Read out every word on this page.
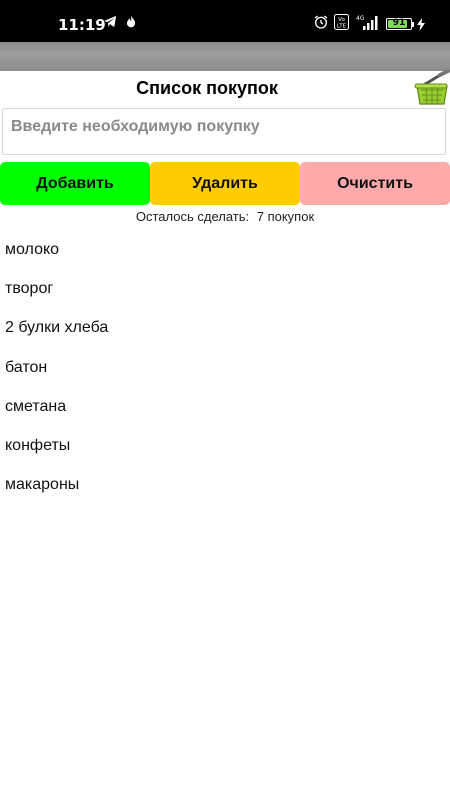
11:19	Vo
LTE
4G	91
Список покупок
Введите необходимую покупку
Добавить	Удалить	Очистить
Осталось сделать: 7 покупок
молоко
творог
2 булки хлеба
батон
сметана
конфеты
макароны
